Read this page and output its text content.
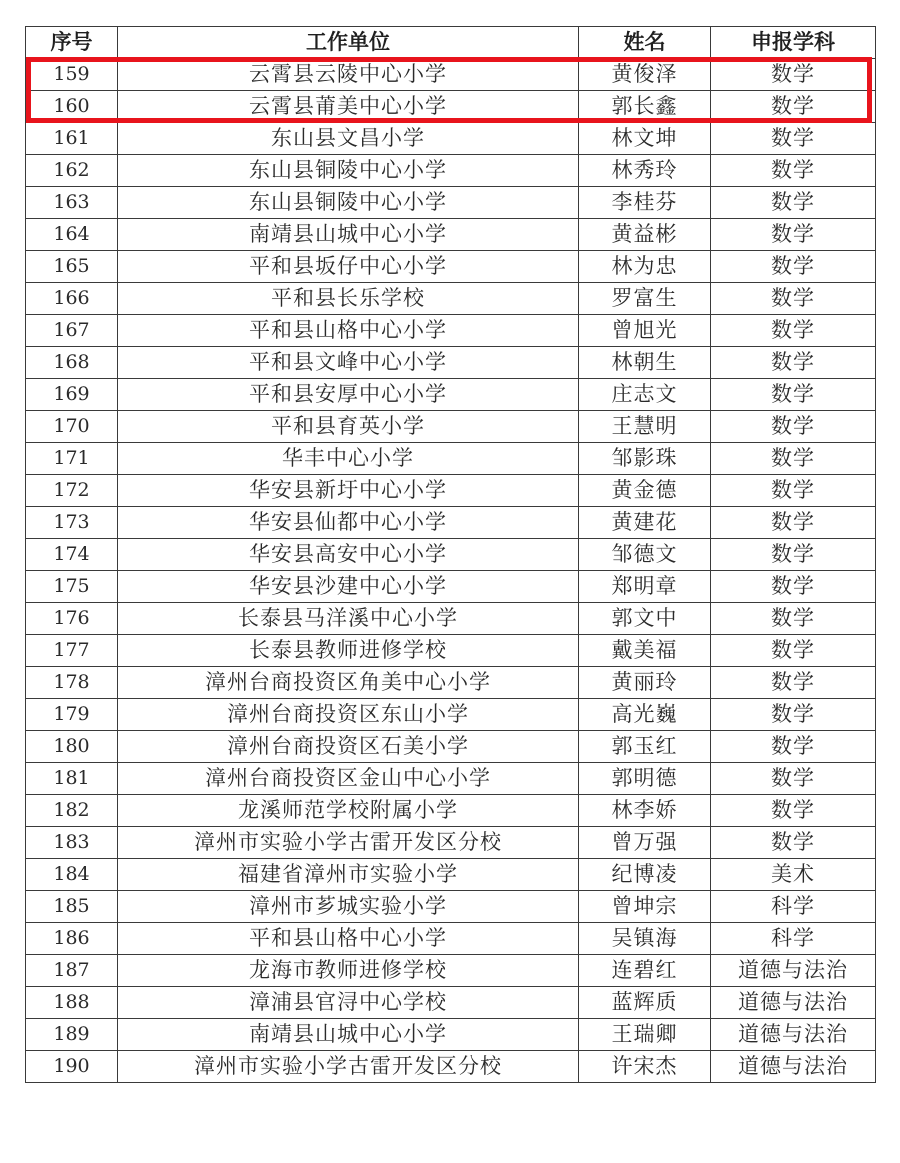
序号	工作单位	姓名	申报学科
159	云霄县云陵中心小学	黄俊泽	数学
160	云霄县莆美中心小学	郭长鑫	数学
161	东山县文昌小学	林文坤	数学
162	东山县铜陵中心小学	林秀玲	数学
163	东山县铜陵中心小学	李桂芬	数学
164	南靖县山城中心小学	黄益彬	数学
165	平和县坂仔中心小学	林为忠	数学
166	平和县长乐学校	罗富生	数学
167	平和县山格中心小学	曾旭光	数学
168	平和县文峰中心小学	林朝生	数学
169	平和县安厚中心小学	庄志文	数学
170	平和县育英小学	王慧明	数学
171	华丰中心小学	邹影珠	数学
172	华安县新圩中心小学	黄金德	数学
173	华安县仙都中心小学	黄建花	数学
174	华安县高安中心小学	邹德文	数学
175	华安县沙建中心小学	郑明章	数学
176	长泰县马洋溪中心小学	郭文中	数学
177	长泰县教师进修学校	戴美福	数学
178	漳州台商投资区角美中心小学	黄丽玲	数学
179	漳州台商投资区东山小学	高光巍	数学
180	漳州台商投资区石美小学	郭玉红	数学
181	漳州台商投资区金山中心小学	郭明德	数学
182	龙溪师范学校附属小学	林李娇	数学
183	漳州市实验小学古雷开发区分校	曾万强	数学
184	福建省漳州市实验小学	纪博凌	美术
185	漳州市芗城实验小学	曾坤宗	科学
186	平和县山格中心小学	吴镇海	科学
187	龙海市教师进修学校	连碧红	道德与法治
188	漳浦县官浔中心学校	蓝辉质	道德与法治
189	南靖县山城中心小学	王瑞卿	道德与法治
190	漳州市实验小学古雷开发区分校	许宋杰	道德与法治
